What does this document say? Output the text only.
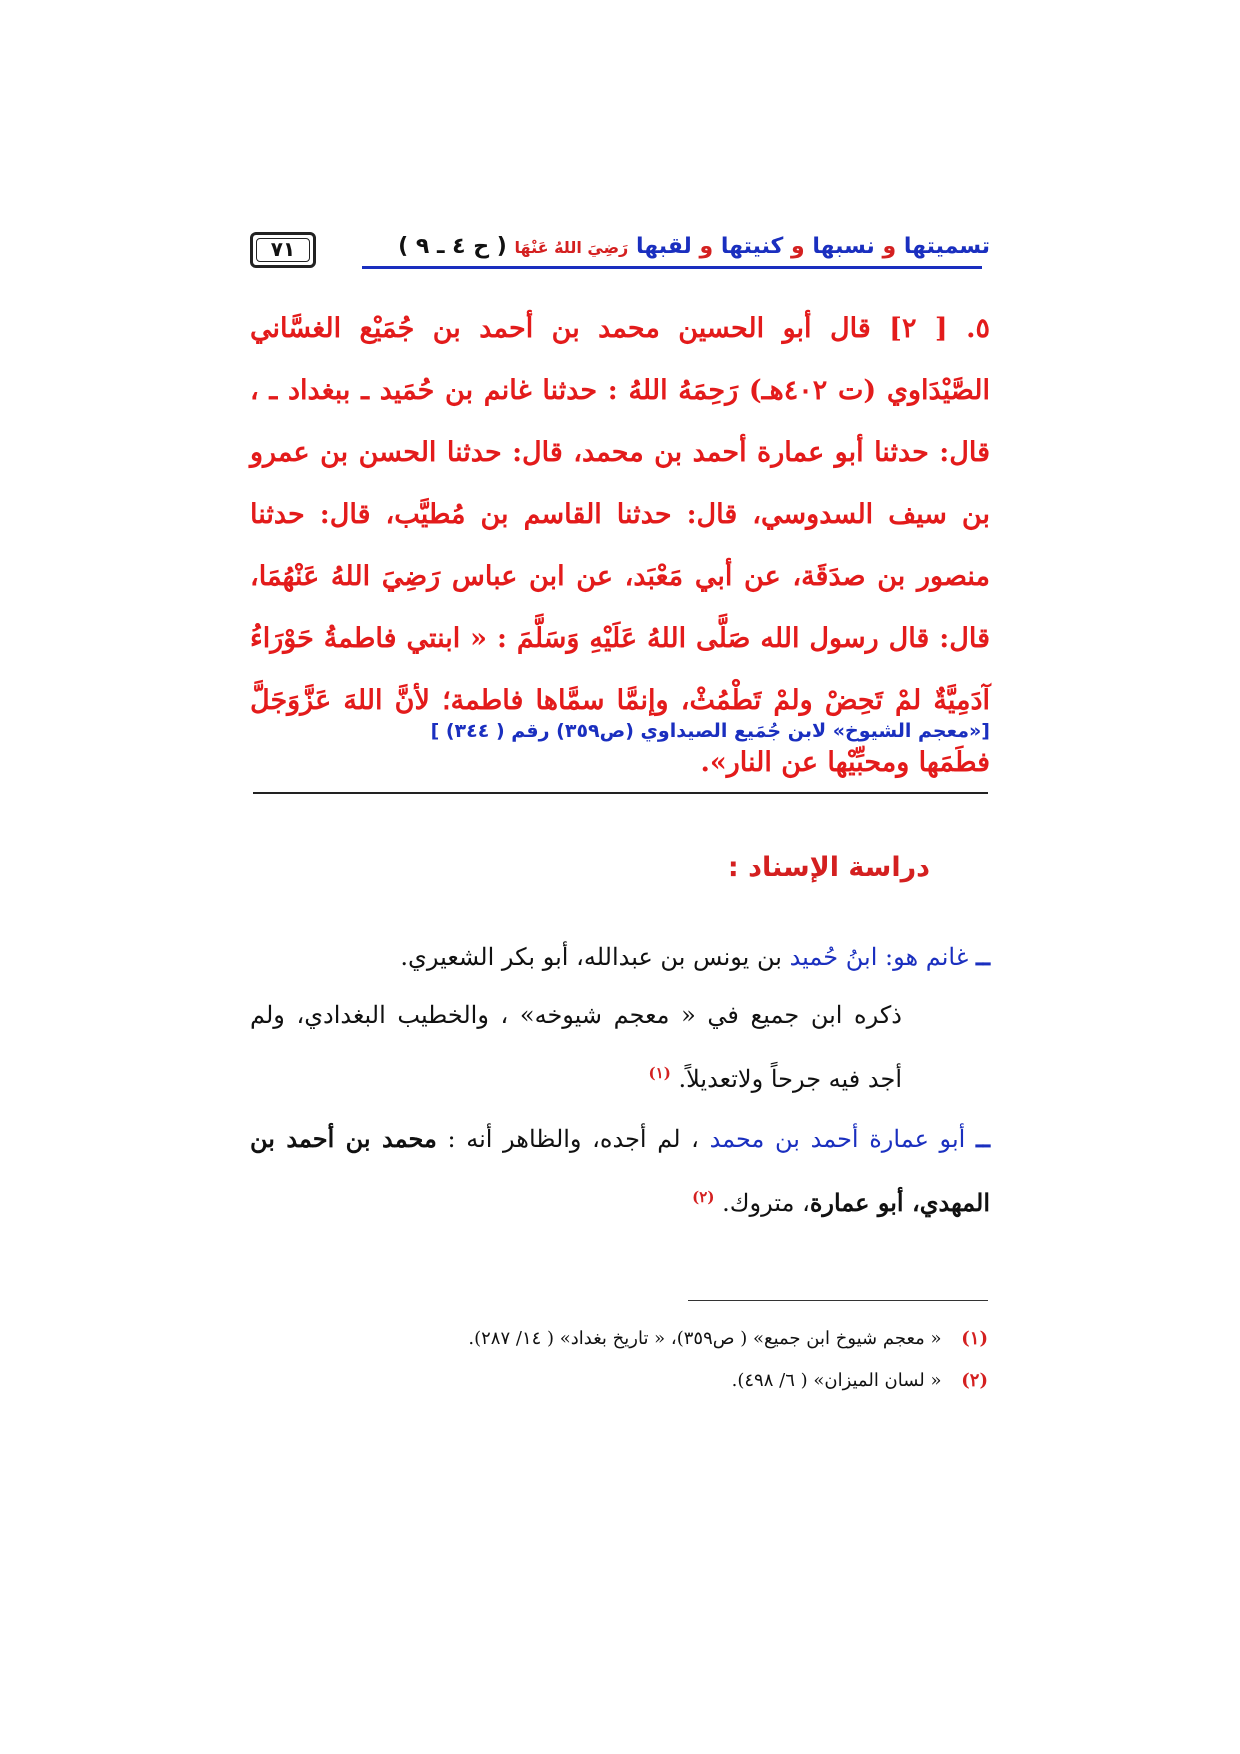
تسميتها و نسبها و كنيتها و لقبها رَضِيَ اللهُ عَنْهَا ( ح ٤ ـ ٩ )
٧١
٥. [ ٢] قال أبو الحسين محمد بن أحمد بن جُمَيْع الغسَّاني الصَّيْدَاوي (ت ٤٠٢هـ) رَحِمَهُ اللهُ : حدثنا غانم بن حُمَيد ـ ببغداد ـ ، قال: حدثنا أبو عمارة أحمد بن محمد، قال: حدثنا الحسن بن عمرو بن سيف السدوسي، قال: حدثنا القاسم بن مُطيَّب، قال: حدثنا منصور بن صدَقَة، عن أبي مَعْبَد، عن ابن عباس رَضِيَ اللهُ عَنْهُمَا، قال: قال رسول الله صَلَّى اللهُ عَلَيْهِ وَسَلَّمَ : « ابنتي فاطمةُ حَوْرَاءُ آدَمِيَّةٌ لمْ تَحِضْ ولمْ تَطْمُثْ، وإنمَّا سمَّاها فاطمة؛ لأنَّ اللهَ عَزَّوَجَلَّ فطَمَها ومحبِّيْها عن النار».
[«معجم الشيوخ» لابن جُمَيع الصيداوي (ص٣٥٩) رقم ( ٣٤٤) ]
دراسة الإسناد :
ــ غانم هو: ابنُ حُميد بن يونس بن عبدالله، أبو بكر الشعيري.
ذكره ابن جميع في « معجم شيوخه» ، والخطيب البغدادي، ولم أجد فيه جرحاً ولاتعديلاً. $^{(١)}$
ــ أبو عمارة أحمد بن محمد ، لم أجده، والظاهر أنه : محمد بن أحمد بن المهدي، أبو عمارة، متروك. $^{(٢)}$
(١) « معجم شيوخ ابن جميع» ( ص٣٥٩)، « تاريخ بغداد» ( ١٤/ ٢٨٧).
(٢) « لسان الميزان» ( ٦/ ٤٩٨).
